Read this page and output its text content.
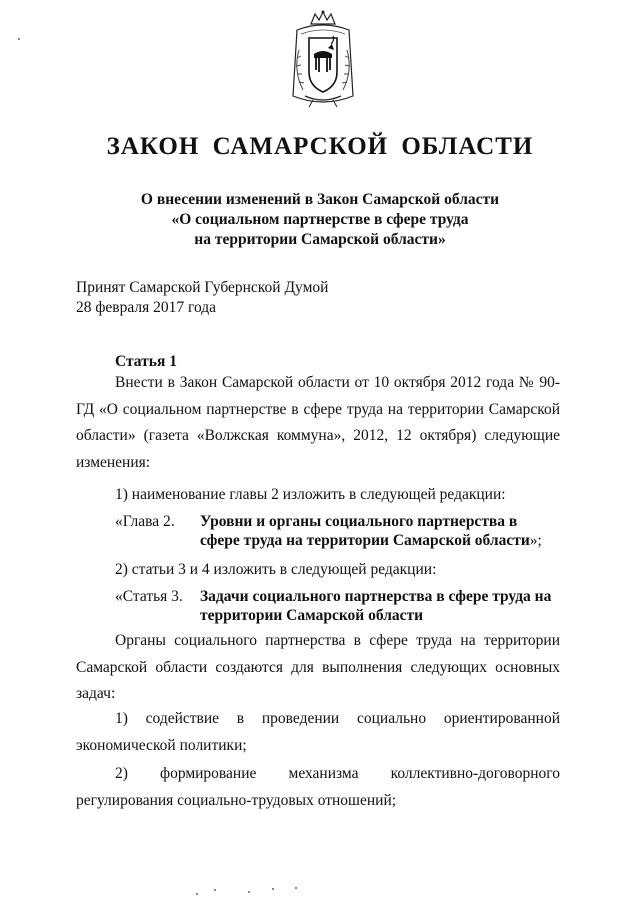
ЗАКОН САМАРСКОЙ ОБЛАСТИ
О внесении изменений в Закон Самарской области
«О социальном партнерстве в сфере труда
на территории Самарской области»
Принят Самарской Губернской Думой
28 февраля 2017 года
Статья 1
Внести в Закон Самарской области от 10 октября 2012 года № 90-ГД «О социальном партнерстве в сфере труда на территории Самарской области» (газета «Волжская коммуна», 2012, 12 октября) следующие изменения:
1) наименование главы 2 изложить в следующей редакции:
«Глава 2. Уровни и органы социального партнерства в сфере труда на территории Самарской области»;
2) статьи 3 и 4 изложить в следующей редакции:
«Статья 3. Задачи социального партнерства в сфере труда на территории Самарской области
Органы социального партнерства в сфере труда на территории Самарской области создаются для выполнения следующих основных задач:
1) содействие в проведении социально ориентированной экономической политики;
2) формирование механизма коллективно-договорного регулирования социально-трудовых отношений;
